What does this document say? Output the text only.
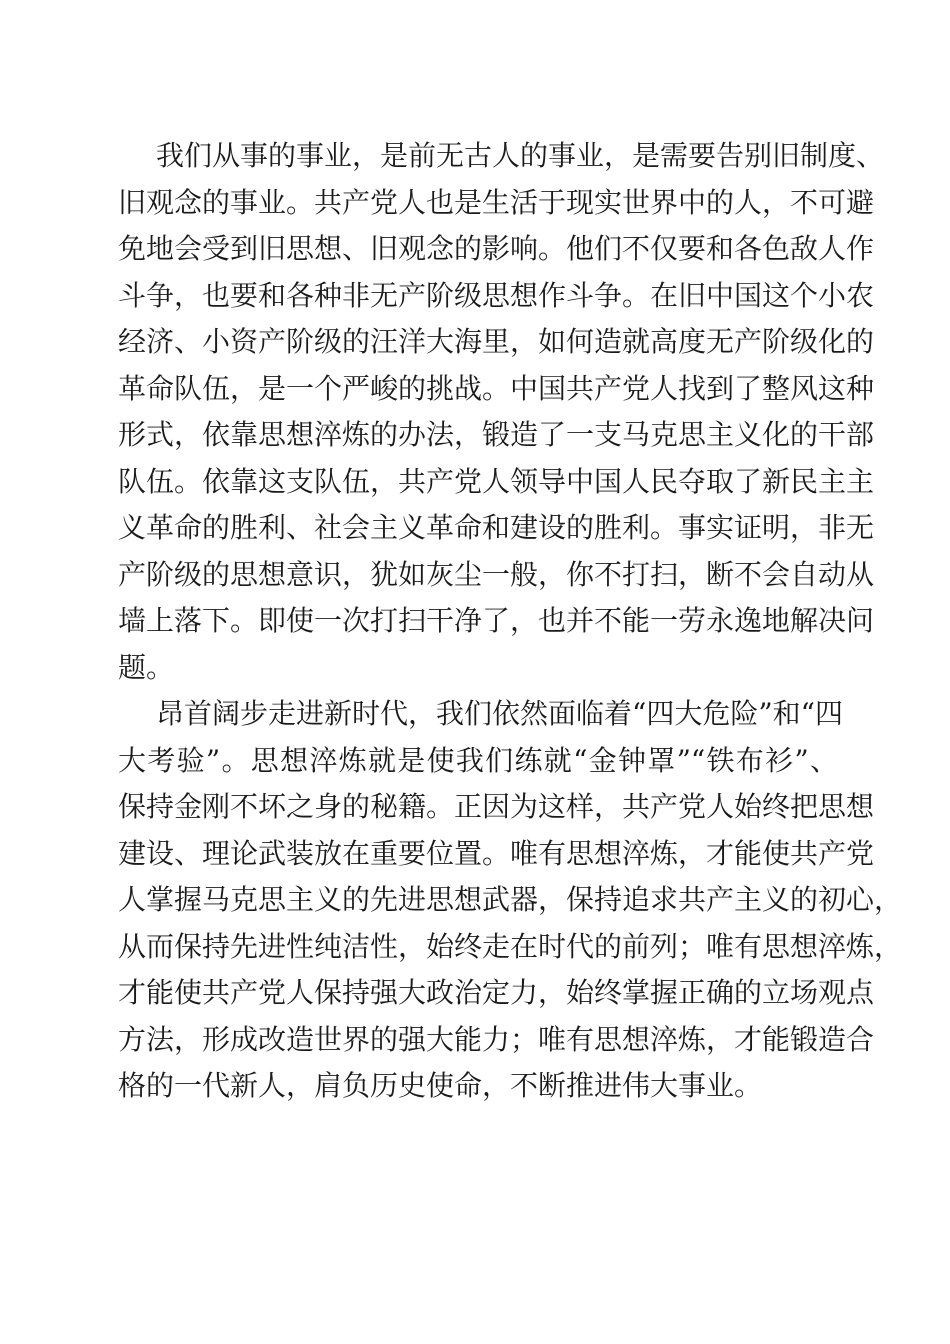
我们从事的事业，是前无古人的事业，是需要告别旧制度、
旧观念的事业。共产党人也是生活于现实世界中的人，不可避
免地会受到旧思想、旧观念的影响。他们不仅要和各色敌人作
斗争，也要和各种非无产阶级思想作斗争。在旧中国这个小农
经济、小资产阶级的汪洋大海里，如何造就高度无产阶级化的
革命队伍，是一个严峻的挑战。中国共产党人找到了整风这种
形式，依靠思想淬炼的办法，锻造了一支马克思主义化的干部
队伍。依靠这支队伍，共产党人领导中国人民夺取了新民主主
义革命的胜利、社会主义革命和建设的胜利。事实证明，非无
产阶级的思想意识，犹如灰尘一般，你不打扫，断不会自动从
墙上落下。即使一次打扫干净了，也并不能一劳永逸地解决问
题。
昂首阔步走进新时代，我们依然面临着“四大危险”和“四
大考验”。思想淬炼就是使我们练就“金钟罩”“铁布衫”、
保持金刚不坏之身的秘籍。正因为这样，共产党人始终把思想
建设、理论武装放在重要位置。唯有思想淬炼，才能使共产党
人掌握马克思主义的先进思想武器，保持追求共产主义的初心，
从而保持先进性纯洁性，始终走在时代的前列；唯有思想淬炼，
才能使共产党人保持强大政治定力，始终掌握正确的立场观点
方法，形成改造世界的强大能力；唯有思想淬炼，才能锻造合
格的一代新人，肩负历史使命，不断推进伟大事业。
